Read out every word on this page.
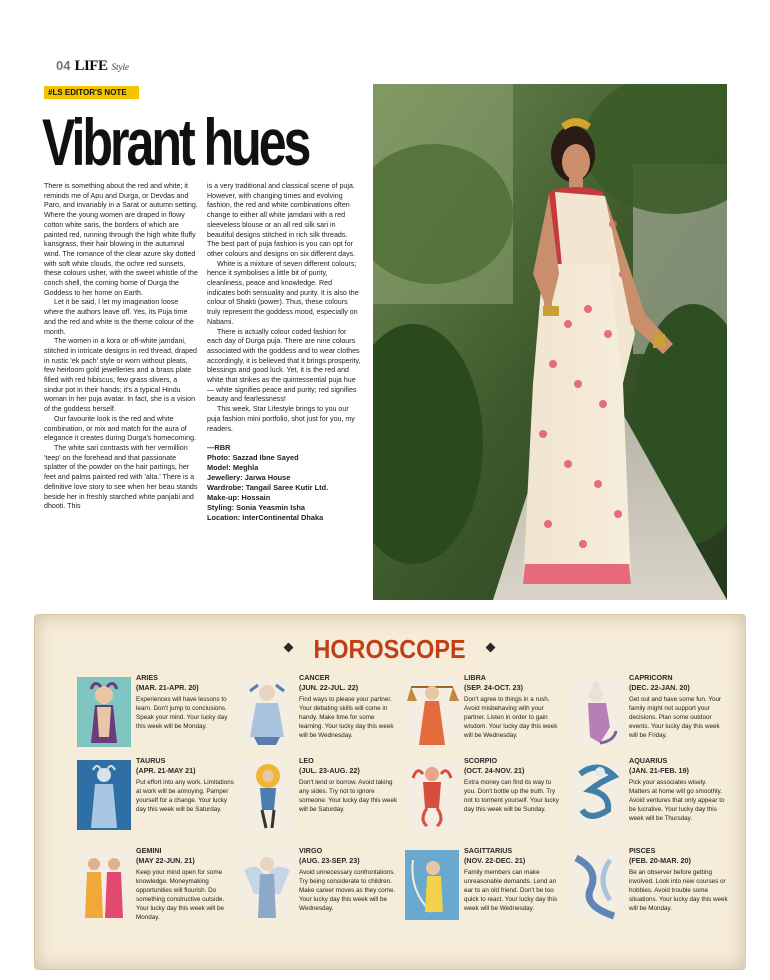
04 LIFE Style
#LS EDITOR'S NOTE
Vibrant hues

There is something about the red and white; it reminds me of Apu and Durga, or Devdas and Paro, and invariably in a Sarat or autumn setting. Where the young women are draped in flowy cotton white saris, the borders of which are painted red, running through the high white fluffy kansgrass, their hair blowing in the autumnal wind. The romance of the clear azure sky dotted with soft white clouds, the ochre red sunsets, these colours usher, with the sweet whistle of the conch shell, the coming home of Durga the Goddess to her home on Earth.

Let it be said, I let my imagination loose where the authors leave off. Yes, its Puja time and the red and white is the theme colour of the month.

The women in a kora or off-white jamdani, stitched in intricate designs in red thread, draped in rustic 'ek pach' style or worn without pleats, few heirloom gold jewelleries and a brass plate filled with red hibiscus, few grass slivers, a sindur pot in their hands; it's a typical Hindu woman in her puja avatar. In fact, she is a vision of the goddess herself.

Our favourite look is the red and white combination, or mix and match for the aura of elegance it creates during Durga's homecoming.

The white sari contrasts with her vermillion 'teep' on the forehead and that passionate splatter of the powder on the hair partings, her feet and palms painted red with 'alta.' There is a definitive love story to see when her beau stands beside her in freshly starched white panjabi and dhooti. This

is a very traditional and classical scene of puja. However, with changing times and evolving fashion, the red and white combinations often change to either all white jamdani with a red sleeveless blouse or an all red silk sari in beautiful designs stitched in rich silk threads. The best part of puja fashion is you can opt for other colours and designs on six different days.

White is a mixture of seven different colours; hence it symbolises a little bit of purity, cleanliness, peace and knowledge. Red indicates both sensuality and purity. It is also the colour of Shakti (power). Thus, these colours truly represent the goddess mood, especially on Nabami.

There is actually colour coded fashion for each day of Durga puja. There are nine colours associated with the goddess and to wear clothes accordingly, it is believed that it brings prosperity, blessings and good luck. Yet, it is the red and white that strikes as the quintessential puja hue — white signifies peace and purity; red signifies beauty and fearlessness!

This week, Star Lifestyle brings to you our puja fashion mini portfolio, shot just for you, my readers.

—RBR
Photo: Sazzad Ibne Sayed
Model: Meghla
Jewellery: Jarwa House
Wardrobe: Tangail Saree Kutir Ltd.
Make-up: Hossain
Styling: Sonia Yeasmin Isha
Location: InterContinental Dhaka
HOROSCOPE
ARIES
(MAR. 21-APR. 20)
Experiences will have lessons to learn. Don't jump to conclusions. Speak your mind. Your lucky day this week will be Monday.
CANCER
(JUN. 22-JUL. 22)
Find ways to please your partner. Your debating skills will come in handy. Make time for some learning. Your lucky day this week will be Wednesday.
LIBRA
(SEP. 24-OCT. 23)
Don't agree to things in a rush. Avoid misbehaving with your partner. Listen in order to gain wisdom. Your lucky day this week will be Wednesday.
CAPRICORN
(DEC. 22-JAN. 20)
Get out and have some fun. Your family might not support your decisions. Plan some outdoor events. Your lucky day this week will be Friday.
TAURUS
(APR. 21-MAY 21)
Put effort into any work. Limitations at work will be annoying. Pamper yourself for a change. Your lucky day this week will be Saturday.
LEO
(JUL. 23-AUG. 22)
Don't lend or borrow. Avoid taking any sides. Try not to ignore someone. Your lucky day this week will be Saturday.
SCORPIO
(OCT. 24-NOV. 21)
Extra money can find its way to you. Don't bottle up the truth. Try not to torment yourself. Your lucky day this week will be Sunday.
AQUARIUS
(JAN. 21-FEB. 19)
Pick your associates wisely. Matters at home will go smoothly. Avoid ventures that only appear to be lucrative. Your lucky day this week will be Thursday.
GEMINI
(MAY 22-JUN. 21)
Keep your mind open for some knowledge. Moneymaking opportunities will flourish. Do something constructive outside. Your lucky day this week will be Monday.
VIRGO
(AUG. 23-SEP. 23)
Avoid unnecessary confrontations. Try being considerate to children. Make career moves as they come. Your lucky day this week will be Wednesday.
SAGITTARIUS
(NOV. 22-DEC. 21)
Family members can make unreasonable demands. Lend an ear to an old friend. Don't be too quick to react. Your lucky day this week will be Wednesday.
PISCES
(FEB. 20-MAR. 20)
Be an observer before getting involved. Look into new courses or hobbies. Avoid trouble some situations. Your lucky day this week will be Monday.
